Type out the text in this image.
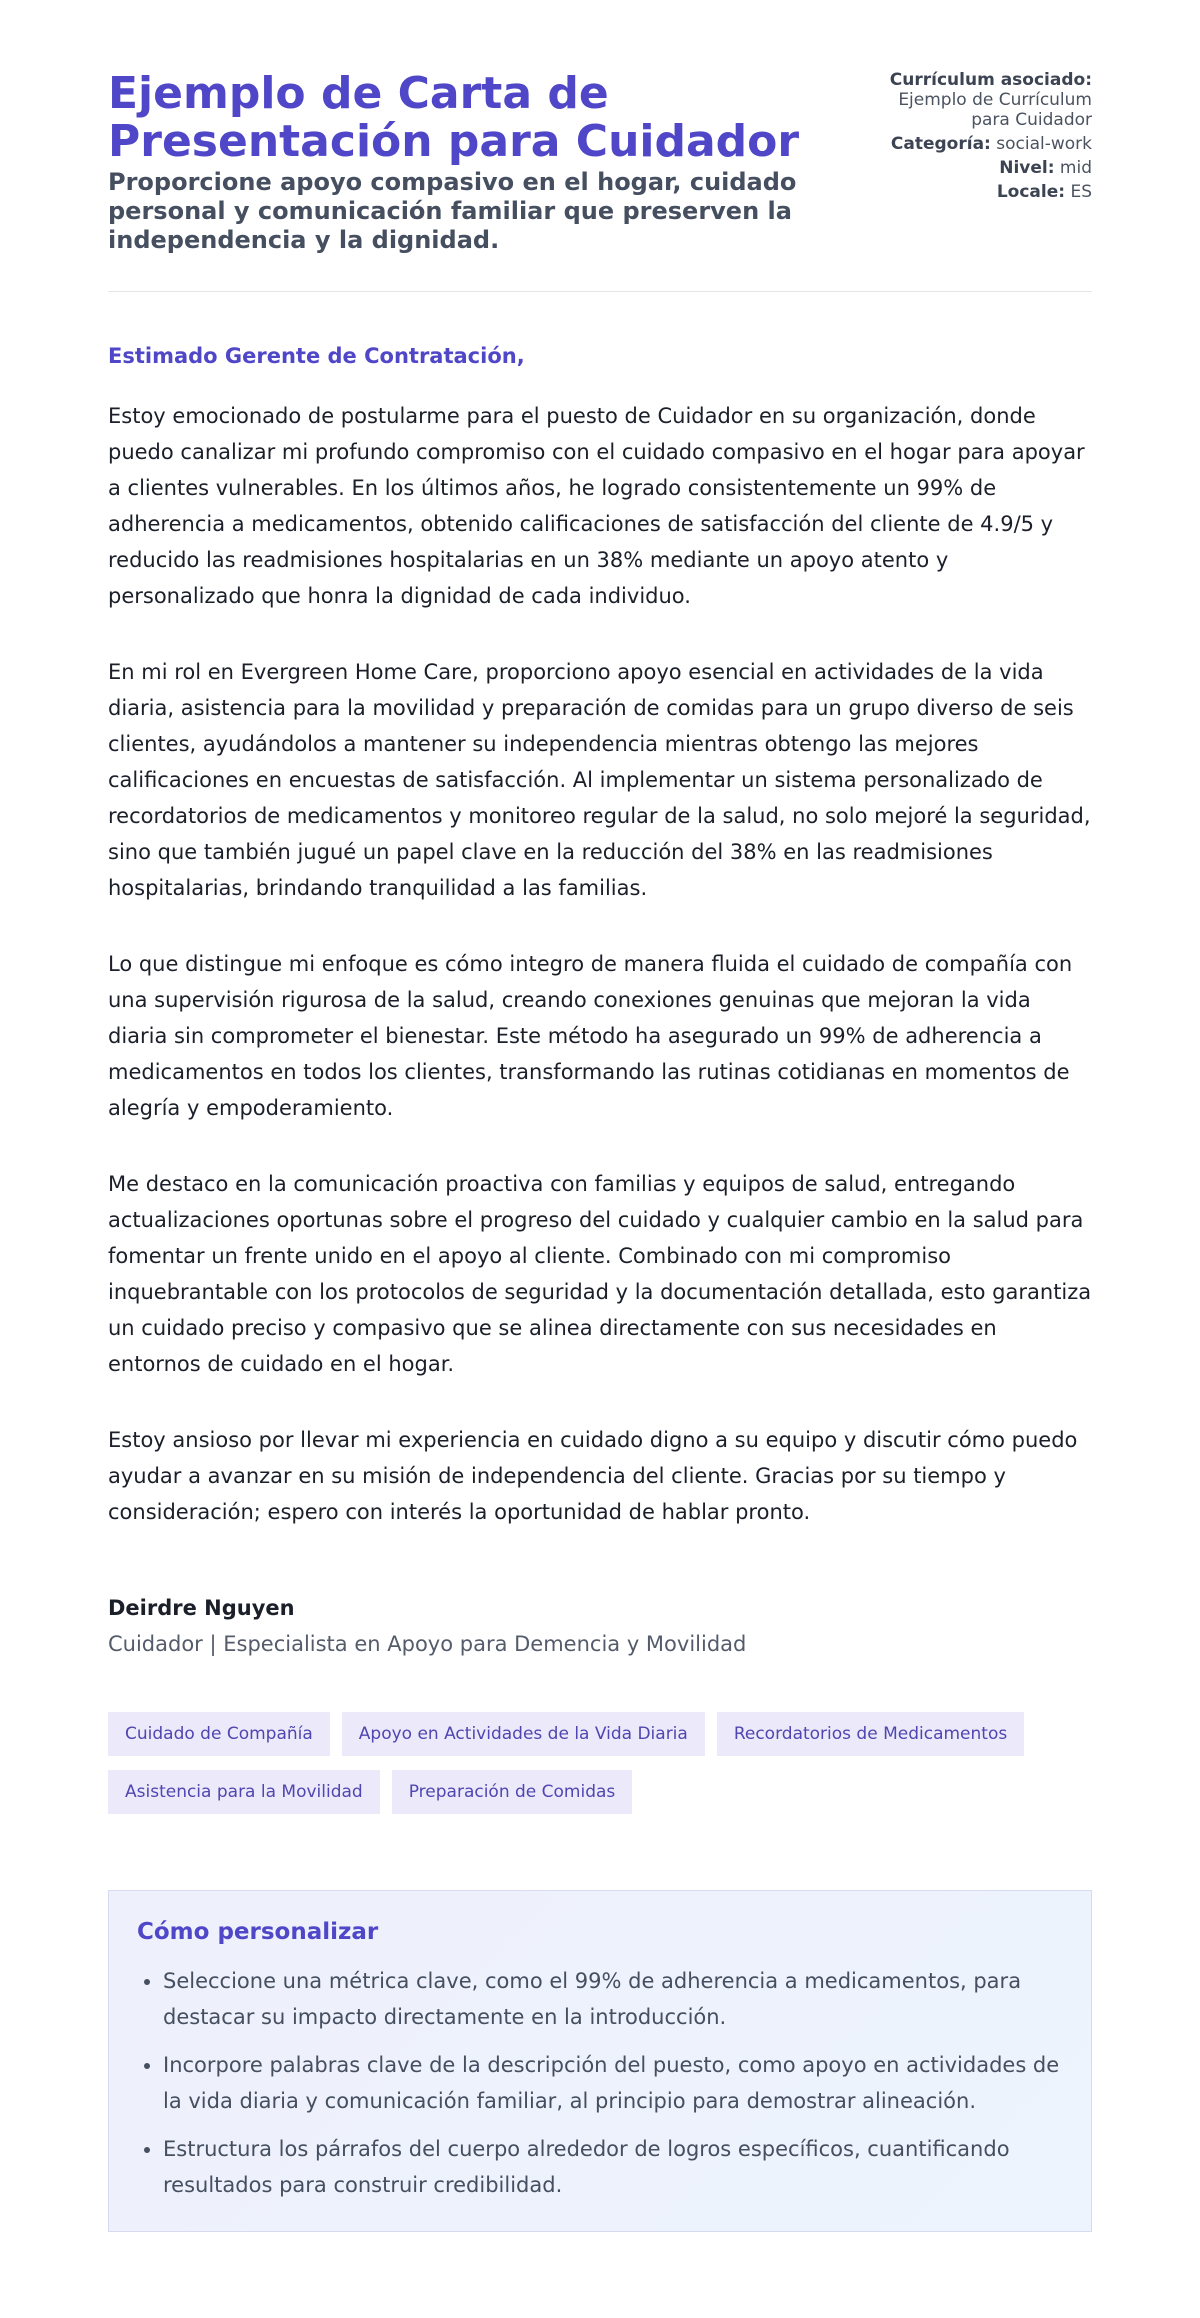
Ejemplo de Carta de Presentación para Cuidador

Proporcione apoyo compasivo en el hogar, cuidado personal y comunicación familiar que preserven la independencia y la dignidad.

Currículum asociado:
Ejemplo de Currículum para Cuidador
Categoría: social-work
Nivel: mid
Locale: ES

Estimado Gerente de Contratación,

Estoy emocionado de postularme para el puesto de Cuidador en su organización, donde puedo canalizar mi profundo compromiso con el cuidado compasivo en el hogar para apoyar a clientes vulnerables. En los últimos años, he logrado consistentemente un 99% de adherencia a medicamentos, obtenido calificaciones de satisfacción del cliente de 4.9/5 y reducido las readmisiones hospitalarias en un 38% mediante un apoyo atento y personalizado que honra la dignidad de cada individuo.

En mi rol en Evergreen Home Care, proporciono apoyo esencial en actividades de la vida diaria, asistencia para la movilidad y preparación de comidas para un grupo diverso de seis clientes, ayudándolos a mantener su independencia mientras obtengo las mejores calificaciones en encuestas de satisfacción. Al implementar un sistema personalizado de recordatorios de medicamentos y monitoreo regular de la salud, no solo mejoré la seguridad, sino que también jugué un papel clave en la reducción del 38% en las readmisiones hospitalarias, brindando tranquilidad a las familias.

Lo que distingue mi enfoque es cómo integro de manera fluida el cuidado de compañía con una supervisión rigurosa de la salud, creando conexiones genuinas que mejoran la vida diaria sin comprometer el bienestar. Este método ha asegurado un 99% de adherencia a medicamentos en todos los clientes, transformando las rutinas cotidianas en momentos de alegría y empoderamiento.

Me destaco en la comunicación proactiva con familias y equipos de salud, entregando actualizaciones oportunas sobre el progreso del cuidado y cualquier cambio en la salud para fomentar un frente unido en el apoyo al cliente. Combinado con mi compromiso inquebrantable con los protocolos de seguridad y la documentación detallada, esto garantiza un cuidado preciso y compasivo que se alinea directamente con sus necesidades en entornos de cuidado en el hogar.

Estoy ansioso por llevar mi experiencia en cuidado digno a su equipo y discutir cómo puedo ayudar a avanzar en su misión de independencia del cliente. Gracias por su tiempo y consideración; espero con interés la oportunidad de hablar pronto.

Deirdre Nguyen
Cuidador | Especialista en Apoyo para Demencia y Movilidad
Cuidado de Compañía	Apoyo en Actividades de la Vida Diaria	Recordatorios de Medicamentos
Asistencia para la Movilidad	Preparación de Comidas
Cómo personalizar
• Seleccione una métrica clave, como el 99% de adherencia a medicamentos, para destacar su impacto directamente en la introducción.
• Incorpore palabras clave de la descripción del puesto, como apoyo en actividades de la vida diaria y comunicación familiar, al principio para demostrar alineación.
• Estructura los párrafos del cuerpo alrededor de logros específicos, cuantificando resultados para construir credibilidad.
